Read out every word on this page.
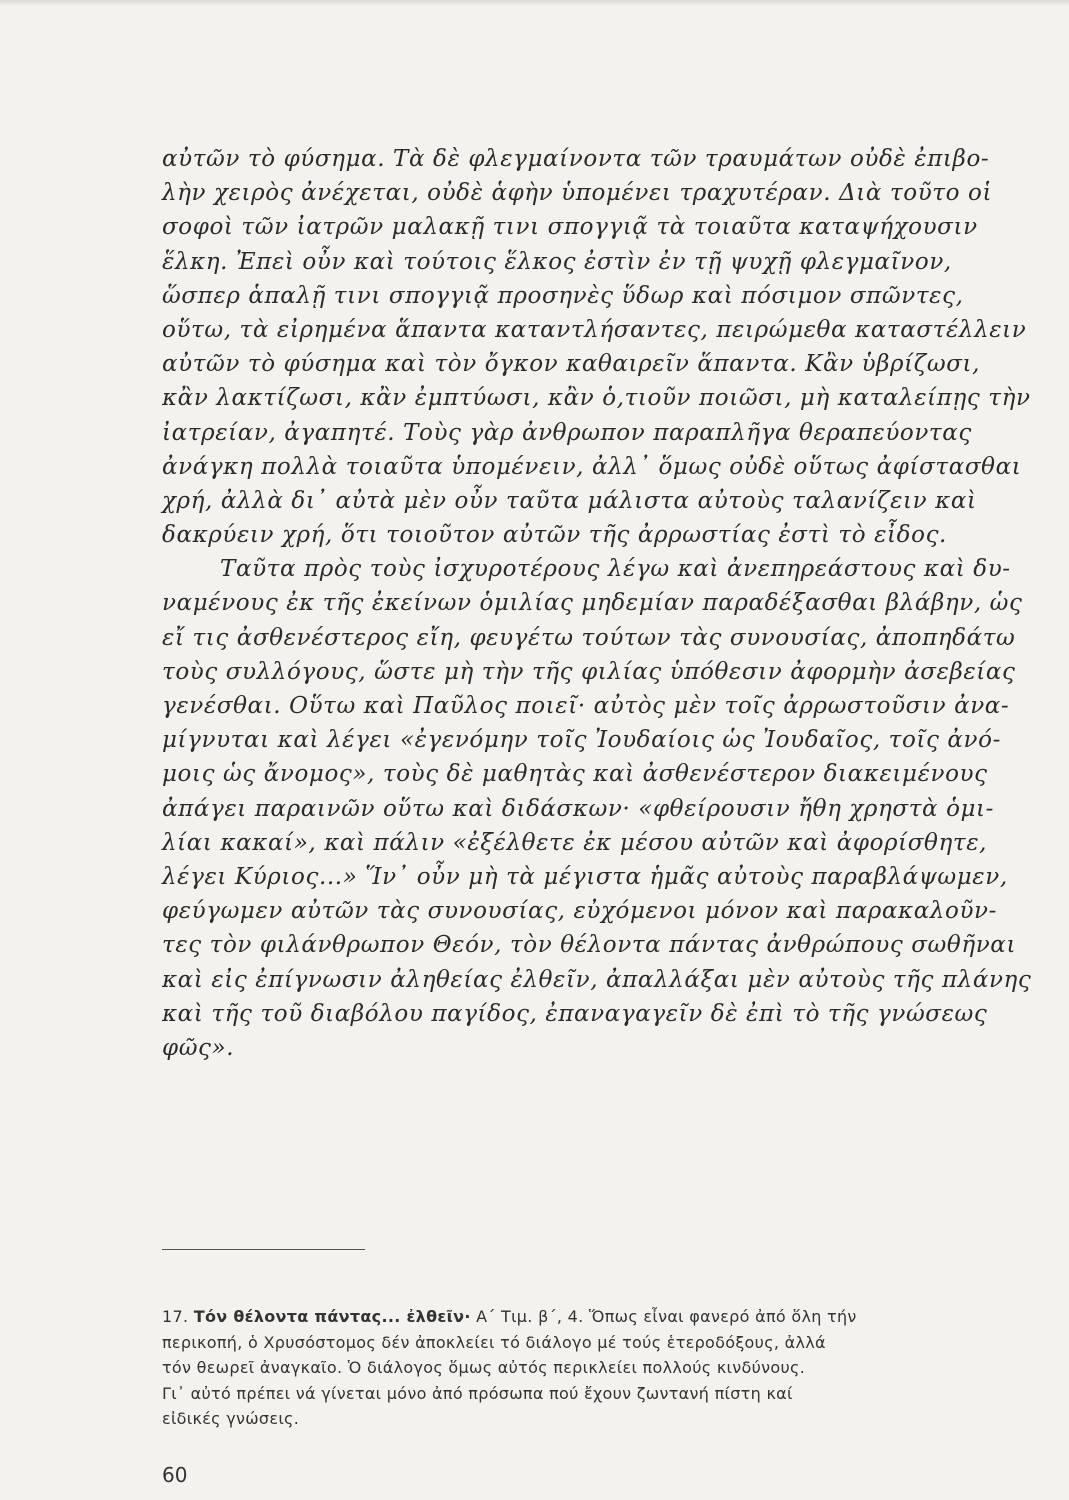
αὐτῶν τὸ φύσημα. Τὰ δὲ φλεγμαίνοντα τῶν τραυμάτων οὐδὲ ἐπιβο-
λὴν χειρὸς ἀνέχεται, οὐδὲ ἁφὴν ὑπομένει τραχυτέραν. Διὰ τοῦτο οἱ
σοφοὶ τῶν ἰατρῶν μαλακῇ τινι σπογγιᾷ τὰ τοιαῦτα καταψήχουσιν
ἕλκη. Ἐπεὶ οὖν καὶ τούτοις ἕλκος ἐστὶν ἐν τῇ ψυχῇ φλεγμαῖνον,
ὥσπερ ἁπαλῇ τινι σπογγιᾷ προσηνὲς ὕδωρ καὶ πόσιμον σπῶντες,
οὕτω, τὰ εἰρημένα ἅπαντα καταντλήσαντες, πειρώμεθα καταστέλλειν
αὐτῶν τὸ φύσημα καὶ τὸν ὄγκον καθαιρεῖν ἅπαντα. Κἂν ὑβρίζωσι,
κἂν λακτίζωσι, κἂν ἐμπτύωσι, κἂν ὁ,τιοῦν ποιῶσι, μὴ καταλείπῃς τὴν
ἰατρείαν, ἀγαπητέ. Τοὺς γὰρ ἀνθρωπον παραπλῆγα θεραπεύοντας
ἀνάγκη πολλὰ τοιαῦτα ὑπομένειν, ἀλλ᾽ ὅμως οὐδὲ οὕτως ἀφίστασθαι
χρή, ἀλλὰ δι᾽ αὐτὰ μὲν οὖν ταῦτα μάλιστα αὐτοὺς ταλανίζειν καὶ
δακρύειν χρή, ὅτι τοιοῦτον αὐτῶν τῆς ἀρρωστίας ἐστὶ τὸ εἶδος.
Ταῦτα πρὸς τοὺς ἰσχυροτέρους λέγω καὶ ἀνεπηρεάστους καὶ δυ-
ναμένους ἐκ τῆς ἐκείνων ὁμιλίας μηδεμίαν παραδέξασθαι βλάβην, ὡς
εἴ τις ἀσθενέστερος εἴη, φευγέτω τούτων τὰς συνουσίας, ἀποπηδάτω
τοὺς συλλόγους, ὥστε μὴ τὴν τῆς φιλίας ὑπόθεσιν ἀφορμὴν ἀσεβείας
γενέσθαι. Οὕτω καὶ Παῦλος ποιεῖ· αὐτὸς μὲν τοῖς ἀρρωστοῦσιν ἀνα-
μίγνυται καὶ λέγει «ἐγενόμην τοῖς Ἰουδαίοις ὡς Ἰουδαῖος, τοῖς ἀνό-
μοις ὡς ἄνομος», τοὺς δὲ μαθητὰς καὶ ἀσθενέστερον διακειμένους
ἀπάγει παραινῶν οὕτω καὶ διδάσκων· «φθείρουσιν ἤθη χρηστὰ ὁμι-
λίαι κακαί», καὶ πάλιν «ἐξέλθετε ἐκ μέσου αὐτῶν καὶ ἀφορίσθητε,
λέγει Κύριος...» Ἵν᾽ οὖν μὴ τὰ μέγιστα ἡμᾶς αὐτοὺς παραβλάψωμεν,
φεύγωμεν αὐτῶν τὰς συνουσίας, εὐχόμενοι μόνον καὶ παρακαλοῦν-
τες τὸν φιλάνθρωπον Θεόν, τὸν θέλοντα πάντας ἀνθρώπους σωθῆναι
καὶ εἰς ἐπίγνωσιν ἀληθείας ἐλθεῖν, ἀπαλλάξαι μὲν αὐτοὺς τῆς πλάνης
καὶ τῆς τοῦ διαβόλου παγίδος, ἐπαναγαγεῖν δὲ ἐπὶ τὸ τῆς γνώσεως
φῶς».
17. Τόν θέλοντα πάντας... ἐλθεῖν· Α΄ Τιμ. β΄, 4. Ὅπως εἶναι φανερό ἀπό ὅλη τήν
περικοπή, ὁ Χρυσόστομος δέν ἀποκλείει τό διάλογο μέ τούς ἑτεροδόξους, ἀλλά
τόν θεωρεῖ ἀναγκαῖο. Ὁ διάλογος ὅμως αὐτός περικλείει πολλούς κινδύνους.
Γι᾽ αὐτό πρέπει νά γίνεται μόνο ἀπό πρόσωπα πού ἔχουν ζωντανή πίστη καί
εἰδικές γνώσεις.
60
